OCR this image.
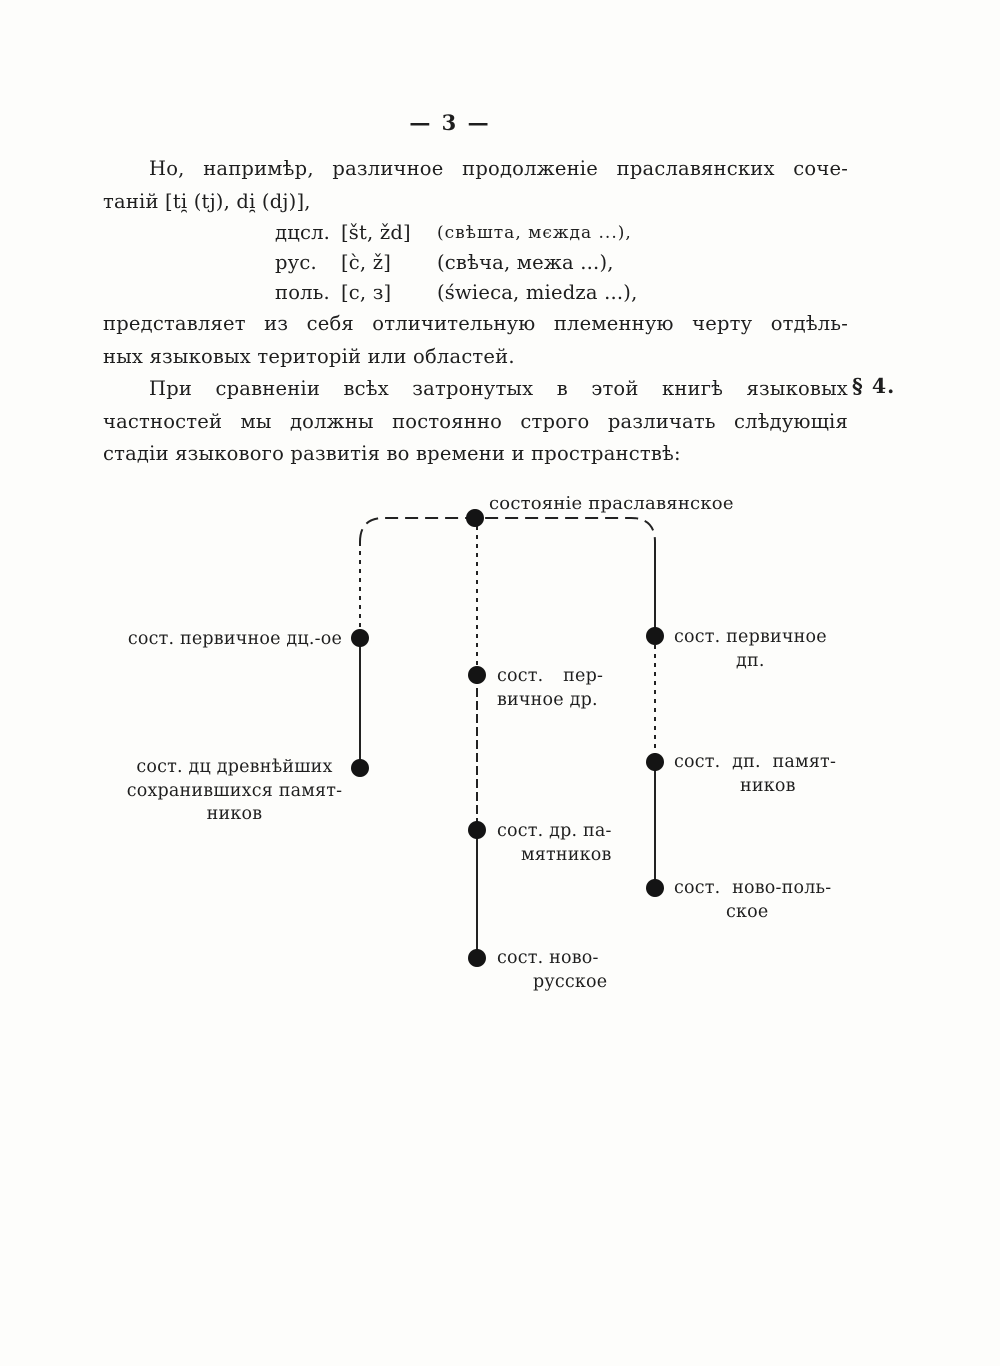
— 3 —
Но, напримѣр, различное продолженіе праславянских соче-
таній [ti̯ (tj), di̯ (dj)],
дцсл. [št, žd]	(свѣшта, мєжда ...),
рус.	[c̀, ž]	(свѣча, межа ...),
поль. [c, з]	(świeca, miedza ...),
представляет из себя отличительную племенную черту отдѣль-
ных языковых територій или областей.
При сравненіи всѣх затронутых в этой книгѣ языковых
частностей мы должны постоянно строго различать слѣдующія
стадіи языкового развитія во времени и пространствѣ:
§ 4.
состояніе праславянское
сост. первичное дц.-ое
сост. дц древнѣйших
сохранившихся памят-
ников
сост. пер-
вичное др.
сост. др. па-
мятников
сост. ново-
русское
сост. первичное
дп.
сост. дп. памят-
ников
сост. ново-поль-
ское
